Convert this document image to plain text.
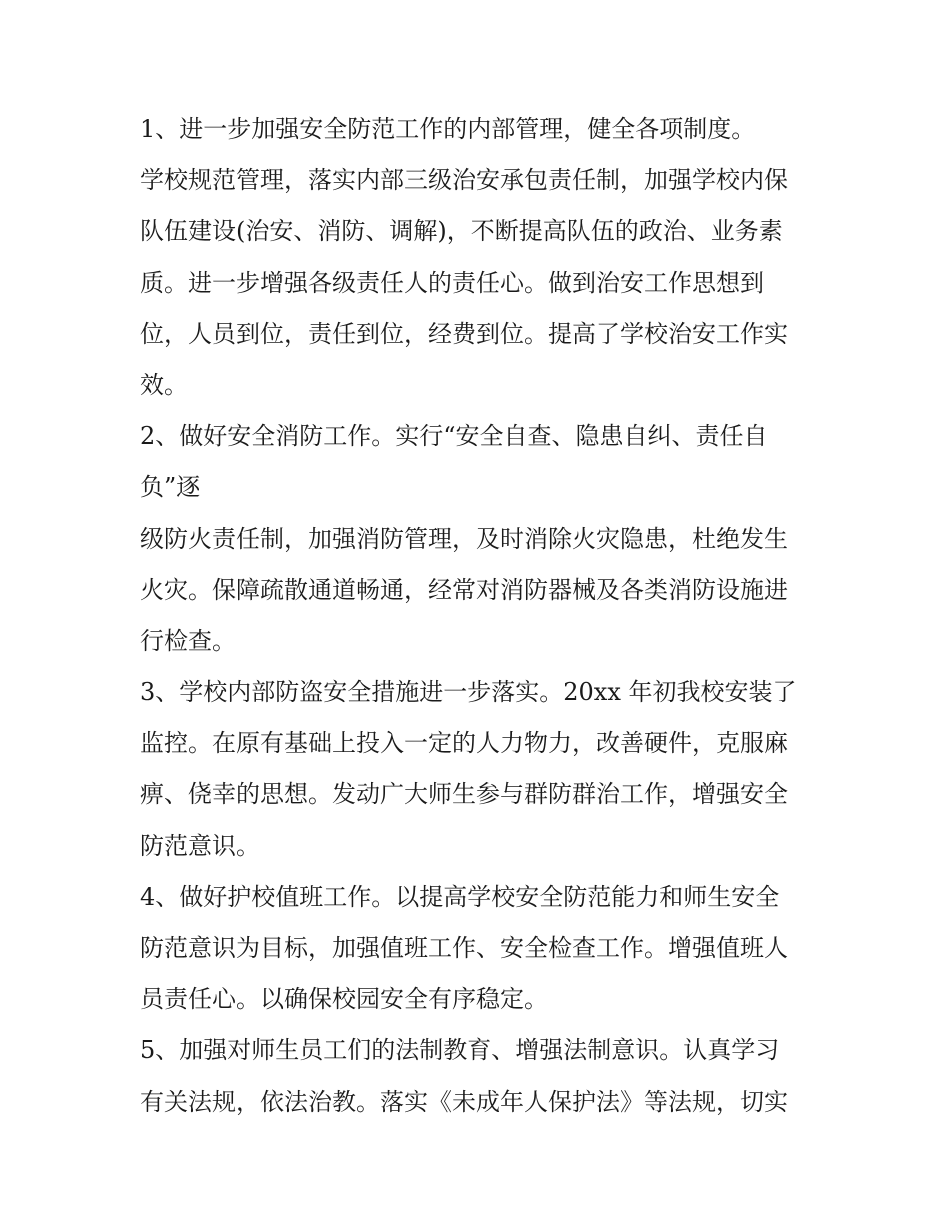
1、进一步加强安全防范工作的内部管理，健全各项制度。
学校规范管理，落实内部三级治安承包责任制，加强学校内保
队伍建设(治安、消防、调解)，不断提高队伍的政治、业务素
质。进一步增强各级责任人的责任心。做到治安工作思想到
位，人员到位，责任到位，经费到位。提高了学校治安工作实
效。
2、做好安全消防工作。实行“安全自查、隐患自纠、责任自
负”逐
级防火责任制，加强消防管理，及时消除火灾隐患，杜绝发生
火灾。保障疏散通道畅通，经常对消防器械及各类消防设施进
行检查。
3、学校内部防盗安全措施进一步落实。20xx 年初我校安装了
监控。在原有基础上投入一定的人力物力，改善硬件，克服麻
痹、侥幸的思想。发动广大师生参与群防群治工作，增强安全
防范意识。
4、做好护校值班工作。以提高学校安全防范能力和师生安全
防范意识为目标，加强值班工作、安全检查工作。增强值班人
员责任心。以确保校园安全有序稳定。
5、加强对师生员工们的法制教育、增强法制意识。认真学习
有关法规，依法治教。落实《未成年人保护法》等法规，切实
